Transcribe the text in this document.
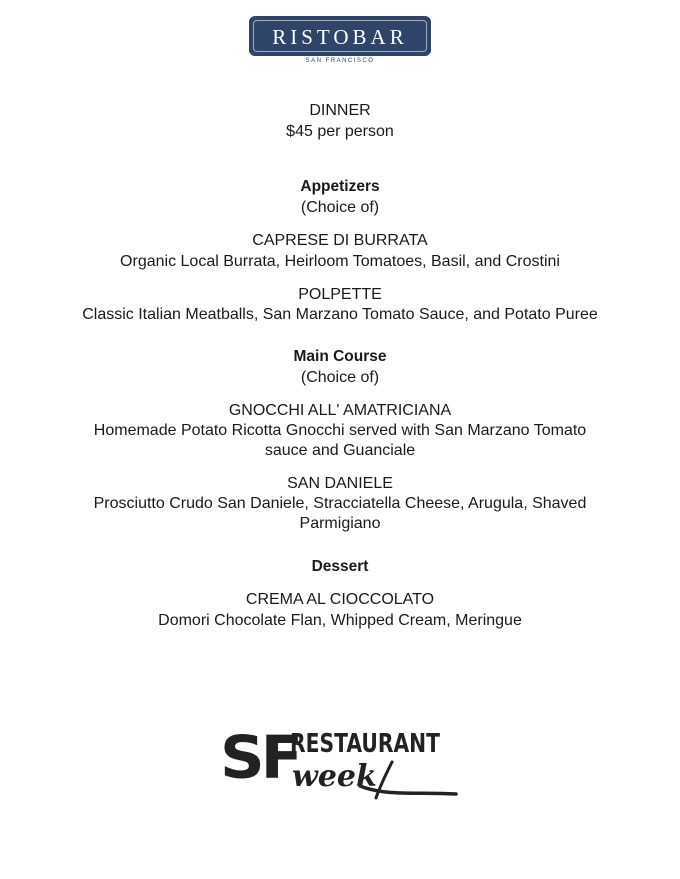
RISTOBAR
SAN FRANCISCO
DINNER
$45 per person
Appetizers
(Choice of)
CAPRESE DI BURRATA
Organic Local Burrata, Heirloom Tomatoes, Basil, and Crostini
POLPETTE
Classic Italian Meatballs, San Marzano Tomato Sauce, and Potato Puree
Main Course
(Choice of)
GNOCCHI ALL' AMATRICIANA
Homemade Potato Ricotta Gnocchi served with San Marzano Tomato
sauce and Guanciale
SAN DANIELE
Prosciutto Crudo San Daniele, Stracciatella Cheese, Arugula, Shaved
Parmigiano
Dessert
CREMA AL CIOCCOLATO
Domori Chocolate Flan, Whipped Cream, Meringue
SF
RESTAURANT
week
